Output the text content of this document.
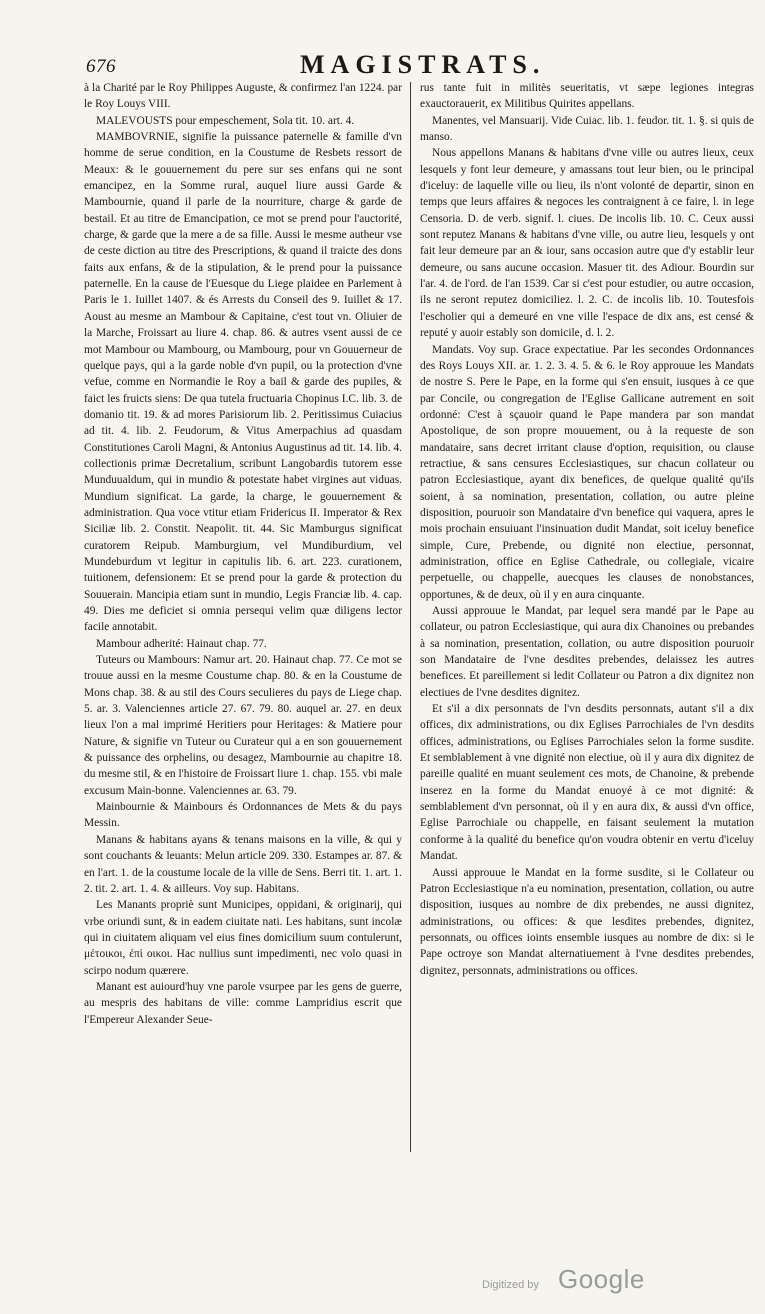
676	MAGISTRATS.

à la Charité par le Roy Philippes Auguste, & confirmez l'an 1224. par le Roy Louys VIII.

MALEVOUSTS pour empeschement, Sola tit. 10. art. 4.

MAMBOVRNIE, signifie la puissance paternelle & famille d'vn homme de serue condition, en la Coustume de Resbets ressort de Meaux: & le gouuernement du pere sur ses enfans qui ne sont emancipez, en la Somme rural, auquel liure aussi Garde & Mambournie, quand il parle de la nourriture, charge & garde de bestail. Et au titre de Emancipation, ce mot se prend pour l'auctorité, charge, & garde que la mere a de sa fille. Aussi le mesme autheur vse de ceste diction au titre des Prescriptions, & quand il traicte des dons faits aux enfans, & de la stipulation, & le prend pour la puissance paternelle. En la cause de l'Euesque du Liege plaidee en Parlement à Paris le 1. Iuillet 1407. & és Arrests du Conseil des 9. Iuillet & 17. Aoust au mesme an Mambour & Capitaine, c'est tout vn. Oliuier de la Marche, Froissart au liure 4. chap. 86. & autres vsent aussi de ce mot Mambour ou Mambourg, ou Mambourg, pour vn Gouuerneur de quelque pays, qui a la garde noble d'vn pupil, ou la protection d'vne vefue, comme en Normandie le Roy a bail & garde des pupiles, & faict les fruicts siens: De qua tutela fructuaria Chopinus I.C. lib. 3. de domanio tit. 19. & ad mores Parisiorum lib. 2. Peritissimus Cuiacius ad tit. 4. lib. 2. Feudorum, & Vitus Amerpachius ad quasdam Constitutiones Caroli Magni, & Antonius Augustinus ad tit. 14. lib. 4. collectionis primæ Decretalium, scribunt Langobardis tutorem esse Munduualdum, qui in mundio & potestate habet virgines aut viduas. Mundium significat. La garde, la charge, le gouuernement & administration. Qua voce vtitur etiam Fridericus II. Imperator & Rex Siciliæ lib. 2. Constit. Neapolit. tit. 44. Sic Mamburgus significat curatorem Reipub. Mamburgium, vel Mundiburdium, vel Mundeburdum vt legitur in capitulis lib. 6. art. 223. curationem, tuitionem, defensionem: Et se prend pour la garde & protection du Souuerain. Mancipia etiam sunt in mundio, Legis Franciæ lib. 4. cap. 49. Dies me deficiet si omnia persequi velim quæ diligens lector facile annotabit.

Mambour adherité: Hainaut chap. 77.

Tuteurs ou Mambours: Namur art. 20. Hainaut chap. 77. Ce mot se trouue aussi en la mesme Coustume chap. 80. & en la Coustume de Mons chap. 38. & au stil des Cours seculieres du pays de Liege chap. 5. ar. 3. Valenciennes article 27. 67. 79. 80. auquel ar. 27. en deux lieux l'on a mal imprimé Heritiers pour Heritages: & Matiere pour Nature, & signifie vn Tuteur ou Curateur qui a en son gouuernement & puissance des orphelins, ou desagez, Mambournie au chapitre 18. du mesme stil, & en l'histoire de Froissart liure 1. chap. 155. vbi male excusum Main-bonne. Valenciennes ar. 63. 79.

Mainbournie & Mainbours és Ordonnances de Mets & du pays Messin.

Manans & habitans ayans & tenans maisons en la ville, & qui y sont couchants & leuants: Melun article 209. 330. Estampes ar. 87. & en l'art. 1. de la coustume locale de la ville de Sens. Berri tit. 1. art. 1. 2. tit. 2. art. 1. 4. & ailleurs. Voy sup. Habitans.

Les Manants propriè sunt Municipes, oppidani, & originarij, qui vrbe oriundi sunt, & in eadem ciuitate nati. Les habitans, sunt incolæ qui in ciuitatem aliquam vel eius fines domicilium suum contulerunt, μέτοικοι, ἐπὶ οικοι. Hac nullius sunt impedimenti, nec volo quasi in scirpo nodum quærere.

Manant est auiourd'huy vne parole vsurpee par les gens de guerre, au mespris des habitans de ville: comme Lampridius escrit que l'Empereur Alexander Seue-

rus tante fuit in militès seueritatis, vt sæpe legiones integras exauctorauerit, ex Militibus Quirites appellans.

Manentes, vel Mansuarij. Vide Cuiac. lib. 1. feudor. tit. 1. §. si quis de manso.

Nous appellons Manans & habitans d'vne ville ou autres lieux, ceux lesquels y font leur demeure, y amassans tout leur bien, ou le principal d'iceluy: de laquelle ville ou lieu, ils n'ont volonté de departir, sinon en temps que leurs affaires & negoces les contraignent à ce faire, l. in lege Censoria. D. de verb. signif. l. ciues. De incolis lib. 10. C. Ceux aussi sont reputez Manans & habitans d'vne ville, ou autre lieu, lesquels y ont fait leur demeure par an & iour, sans occasion autre que d'y establir leur demeure, ou sans aucune occasion. Masuer tit. des Adiour. Bourdin sur l'ar. 4. de l'ord. de l'an 1539. Car si c'est pour estudier, ou autre occasion, ils ne seront reputez domiciliez. l. 2. C. de incolis lib. 10. Toutesfois l'escholier qui a demeuré en vne ville l'espace de dix ans, est censé & reputé y auoir estably son domicile, d. l. 2.

Mandats. Voy sup. Grace expectatiue. Par les secondes Ordonnances des Roys Louys XII. ar. 1. 2. 3. 4. 5. & 6. le Roy approuue les Mandats de nostre S. Pere le Pape, en la forme qui s'en ensuit, iusques à ce que par Concile, ou congregation de l'Eglise Gallicane autrement en soit ordonné: C'est à sçauoir quand le Pape mandera par son mandat Apostolique, de son propre mouuement, ou à la requeste de son mandataire, sans decret irritant clause d'option, requisition, ou clause retractiue, & sans censures Ecclesiastiques, sur chacun collateur ou patron Ecclesiastique, ayant dix benefices, de quelque qualité qu'ils soient, à sa nomination, presentation, collation, ou autre pleine disposition, pouruoir son Mandataire d'vn benefice qui vaquera, apres le mois prochain ensuiuant l'insinuation dudit Mandat, soit iceluy benefice simple, Cure, Prebende, ou dignité non electiue, personnat, administration, office en Eglise Cathedrale, ou collegiale, vicaire perpetuelle, ou chappelle, auecques les clauses de nonobstances, opportunes, & de deux, où il y en aura cinquante.

Aussi approuue le Mandat, par lequel sera mandé par le Pape au collateur, ou patron Ecclesiastique, qui aura dix Chanoines ou prebandes à sa nomination, presentation, collation, ou autre disposition pouruoir son Mandataire de l'vne desdites prebendes, delaissez les autres benefices. Et pareillement si ledit Collateur ou Patron a dix dignitez non electiues de l'vne desdites dignitez.

Et s'il a dix personnats de l'vn desdits personnats, autant s'il a dix offices, dix administrations, ou dix Eglises Parrochiales de l'vn desdits offices, administrations, ou Eglises Parrochiales selon la forme susdite. Et semblablement à vne dignité non electiue, où il y aura dix dignitez de pareille qualité en muant seulement ces mots, de Chanoine, & prebende inserez en la forme du Mandat enuoyé à ce mot dignité: & semblablement d'vn personnat, où il y en aura dix, & aussi d'vn office, Eglise Parrochiale ou chappelle, en faisant seulement la mutation conforme à la qualité du benefice qu'on voudra obtenir en vertu d'iceluy Mandat.

Aussi approuue le Mandat en la forme susdite, si le Collateur ou Patron Ecclesiastique n'a eu nomination, presentation, collation, ou autre disposition, iusques au nombre de dix prebendes, ne aussi dignitez, administrations, ou offices: & que lesdites prebendes, dignitez, personnats, ou offices ioints ensemble iusques au nombre de dix: si le Pape octroye son Mandat alternatiuement à l'vne desdites prebendes, dignitez, personnats, administrations ou offices.

Digitized by Google
